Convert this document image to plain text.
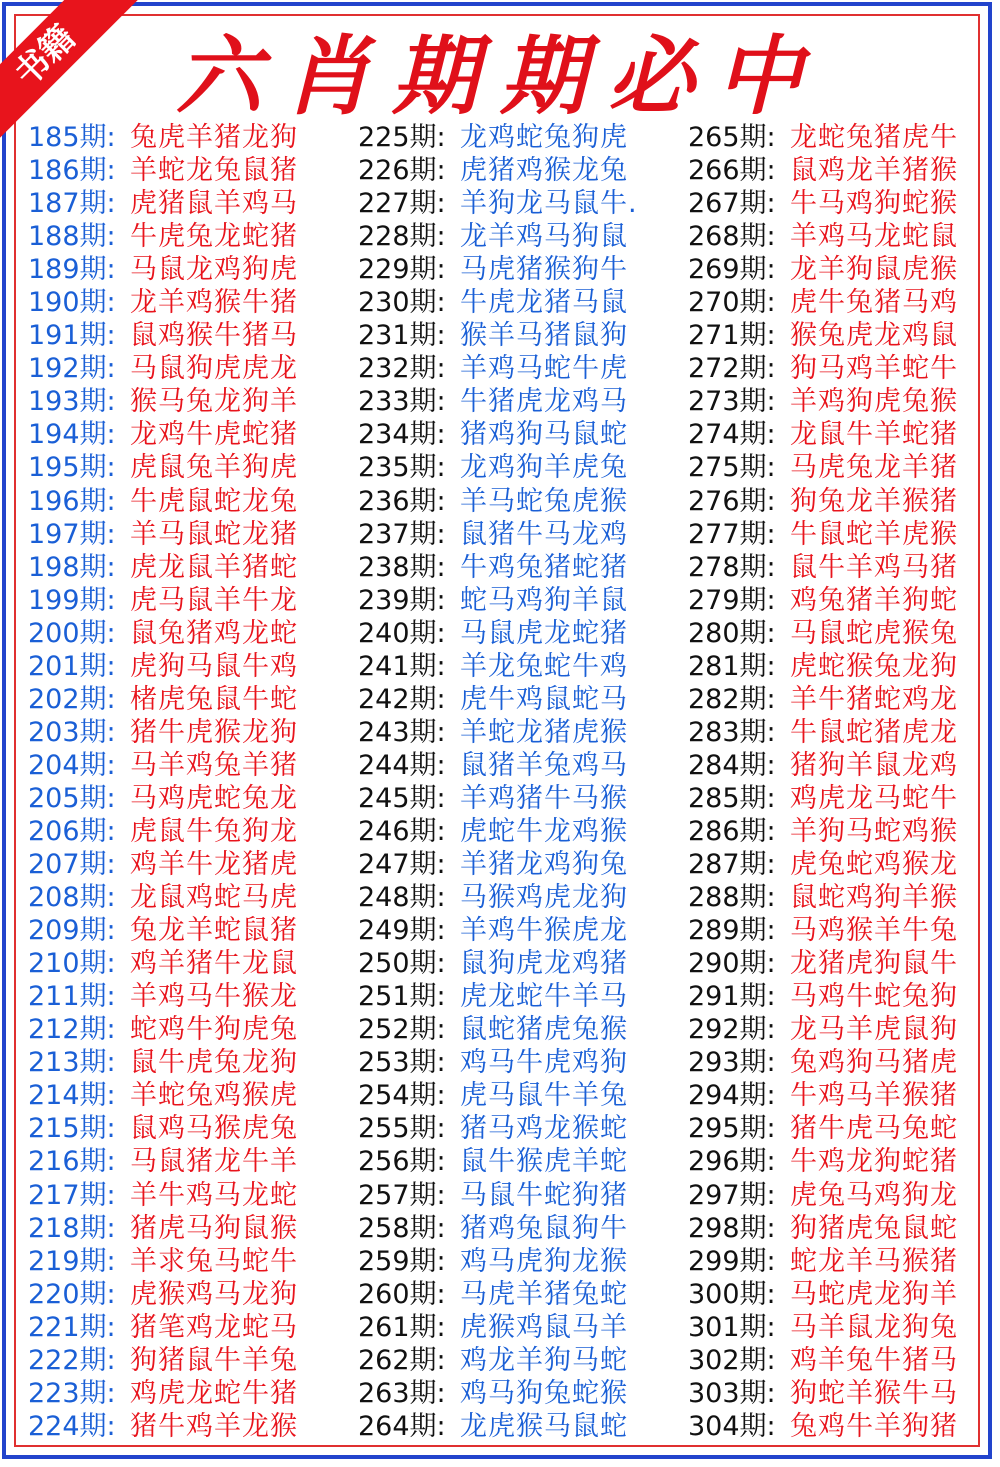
书籍	六肖期期必中
185期: 兔虎羊猪龙狗
186期: 羊蛇龙兔鼠猪
187期: 虎猪鼠羊鸡马
188期: 牛虎兔龙蛇猪
189期: 马鼠龙鸡狗虎
190期: 龙羊鸡猴牛猪
191期: 鼠鸡猴牛猪马
192期: 马鼠狗虎虎龙
193期: 猴马兔龙狗羊
194期: 龙鸡牛虎蛇猪
195期: 虎鼠兔羊狗虎
196期: 牛虎鼠蛇龙兔
197期: 羊马鼠蛇龙猪
198期: 虎龙鼠羊猪蛇
199期: 虎马鼠羊牛龙
200期: 鼠兔猪鸡龙蛇
201期: 虎狗马鼠牛鸡
202期: 楮虎兔鼠牛蛇
203期: 猪牛虎猴龙狗
204期: 马羊鸡兔羊猪
205期: 马鸡虎蛇兔龙
206期: 虎鼠牛兔狗龙
207期: 鸡羊牛龙猪虎
208期: 龙鼠鸡蛇马虎
209期: 兔龙羊蛇鼠猪
210期: 鸡羊猪牛龙鼠
211期: 羊鸡马牛猴龙
212期: 蛇鸡牛狗虎兔
213期: 鼠牛虎兔龙狗
214期: 羊蛇兔鸡猴虎
215期: 鼠鸡马猴虎兔
216期: 马鼠猪龙牛羊
217期: 羊牛鸡马龙蛇
218期: 猪虎马狗鼠猴
219期: 羊求兔马蛇牛
220期: 虎猴鸡马龙狗
221期: 猪笔鸡龙蛇马
222期: 狗猪鼠牛羊兔
223期: 鸡虎龙蛇牛猪
224期: 猪牛鸡羊龙猴
225期: 龙鸡蛇兔狗虎
226期: 虎猪鸡猴龙兔
227期: 羊狗龙马鼠牛.
228期: 龙羊鸡马狗鼠
229期: 马虎猪猴狗牛
230期: 牛虎龙猪马鼠
231期: 猴羊马猪鼠狗
232期: 羊鸡马蛇牛虎
233期: 牛猪虎龙鸡马
234期: 猪鸡狗马鼠蛇
235期: 龙鸡狗羊虎兔
236期: 羊马蛇兔虎猴
237期: 鼠猪牛马龙鸡
238期: 牛鸡兔猪蛇猪
239期: 蛇马鸡狗羊鼠
240期: 马鼠虎龙蛇猪
241期: 羊龙兔蛇牛鸡
242期: 虎牛鸡鼠蛇马
243期: 羊蛇龙猪虎猴
244期: 鼠猪羊兔鸡马
245期: 羊鸡猪牛马猴
246期: 虎蛇牛龙鸡猴
247期: 羊猪龙鸡狗兔
248期: 马猴鸡虎龙狗
249期: 羊鸡牛猴虎龙
250期: 鼠狗虎龙鸡猪
251期: 虎龙蛇牛羊马
252期: 鼠蛇猪虎兔猴
253期: 鸡马牛虎鸡狗
254期: 虎马鼠牛羊兔
255期: 猪马鸡龙猴蛇
256期: 鼠牛猴虎羊蛇
257期: 马鼠牛蛇狗猪
258期: 猪鸡兔鼠狗牛
259期: 鸡马虎狗龙猴
260期: 马虎羊猪兔蛇
261期: 虎猴鸡鼠马羊
262期: 鸡龙羊狗马蛇
263期: 鸡马狗兔蛇猴
264期: 龙虎猴马鼠蛇
265期: 龙蛇兔猪虎牛
266期: 鼠鸡龙羊猪猴
267期: 牛马鸡狗蛇猴
268期: 羊鸡马龙蛇鼠
269期: 龙羊狗鼠虎猴
270期: 虎牛兔猪马鸡
271期: 猴兔虎龙鸡鼠
272期: 狗马鸡羊蛇牛
273期: 羊鸡狗虎兔猴
274期: 龙鼠牛羊蛇猪
275期: 马虎兔龙羊猪
276期: 狗兔龙羊猴猪
277期: 牛鼠蛇羊虎猴
278期: 鼠牛羊鸡马猪
279期: 鸡兔猪羊狗蛇
280期: 马鼠蛇虎猴兔
281期: 虎蛇猴兔龙狗
282期: 羊牛猪蛇鸡龙
283期: 牛鼠蛇猪虎龙
284期: 猪狗羊鼠龙鸡
285期: 鸡虎龙马蛇牛
286期: 羊狗马蛇鸡猴
287期: 虎兔蛇鸡猴龙
288期: 鼠蛇鸡狗羊猴
289期: 马鸡猴羊牛兔
290期: 龙猪虎狗鼠牛
291期: 马鸡牛蛇兔狗
292期: 龙马羊虎鼠狗
293期: 兔鸡狗马猪虎
294期: 牛鸡马羊猴猪
295期: 猪牛虎马兔蛇
296期: 牛鸡龙狗蛇猪
297期: 虎兔马鸡狗龙
298期: 狗猪虎兔鼠蛇
299期: 蛇龙羊马猴猪
300期: 马蛇虎龙狗羊
301期: 马羊鼠龙狗兔
302期: 鸡羊兔牛猪马
303期: 狗蛇羊猴牛马
304期: 兔鸡牛羊狗猪
